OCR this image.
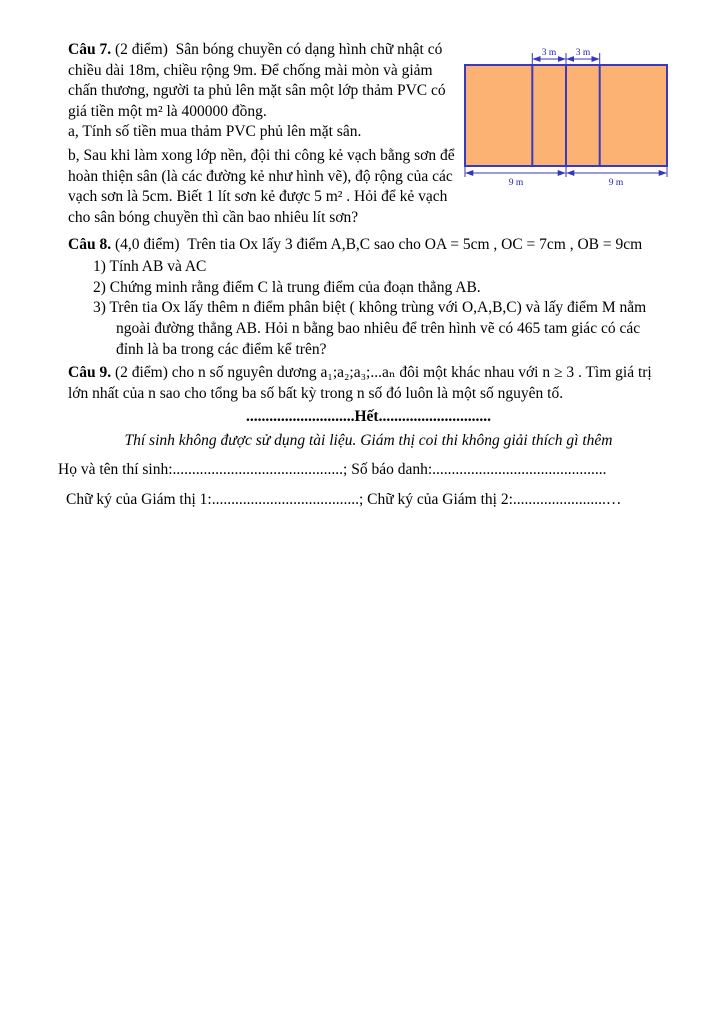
Câu 7. (2 điểm) Sân bóng chuyền có dạng hình chữ nhật có chiều dài 18m, chiều rộng 9m. Để chống mài mòn và giảm chấn thương, người ta phủ lên mặt sân một lớp thảm PVC có giá tiền một m² là 400000 đồng.

a, Tính số tiền mua thảm PVC phủ lên mặt sân.

b, Sau khi làm xong lớp nền, đội thi công kẻ vạch bằng sơn để hoàn thiện sân (là các đường kẻ như hình vẽ), độ rộng của các vạch sơn là 5cm. Biết 1 lít sơn kẻ được 5 m² . Hỏi để kẻ vạch cho sân bóng chuyền thì cần bao nhiêu lít sơn?

3 m 3 m
9 m	9 m

Câu 8. (4,0 điểm) Trên tia Ox lấy 3 điểm A,B,C sao cho OA = 5cm , OC = 7cm , OB = 9cm

1) Tính AB và AC

2) Chứng minh rằng điểm C là trung điểm của đoạn thẳng AB.

3) Trên tia Ox lấy thêm n điểm phân biệt ( không trùng với O,A,B,C) và lấy điểm M nằm ngoài đường thẳng AB. Hỏi n bằng bao nhiêu để trên hình vẽ có 465 tam giác có các đỉnh là ba trong các điểm kể trên?

Câu 9. (2 điểm) cho n số nguyên dương a₁;a₂;a₃;...aₙ đôi một khác nhau với n ≥ 3 . Tìm giá trị lớn nhất của n sao cho tổng ba số bất kỳ trong n số đó luôn là một số nguyên tố.

............................Hết.............................

Thí sinh không được sử dụng tài liệu. Giám thị coi thi không giải thích gì thêm

Họ và tên thí sinh:............................................; Số báo danh:.............................................

Chữ ký của Giám thị 1:......................................; Chữ ký của Giám thị 2:........................…
